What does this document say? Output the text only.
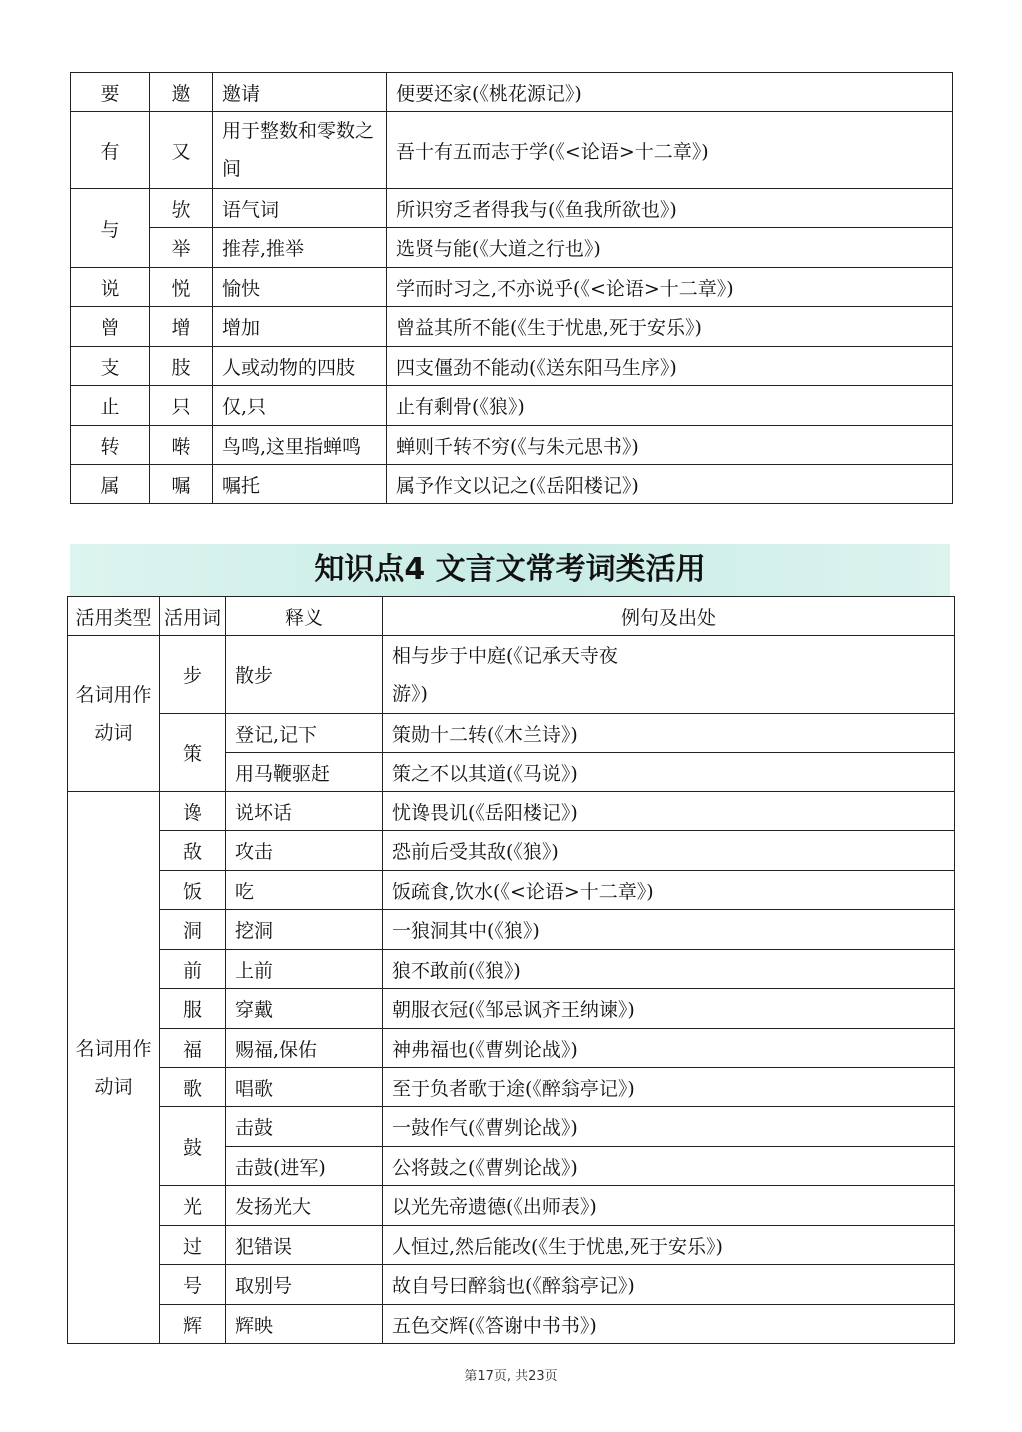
要	邀	邀请	便要还家(《桃花源记》)
有	又	用于整数和零数之间	吾十有五而志于学(《<论语>十二章》)
与	欤	语气词	所识穷乏者得我与(《鱼我所欲也》)
	举	推荐,推举	选贤与能(《大道之行也》)
说	悦	愉快	学而时习之,不亦说乎(《<论语>十二章》)
曾	增	增加	曾益其所不能(《生于忧患,死于安乐》)
支	肢	人或动物的四肢	四支僵劲不能动(《送东阳马生序》)
止	只	仅,只	止有剩骨(《狼》)
转	啭	鸟鸣,这里指蝉鸣	蝉则千转不穷(《与朱元思书》)
属	嘱	嘱托	属予作文以记之(《岳阳楼记》)
知识点4 文言文常考词类活用
活用类型	活用词	释义	例句及出处
名词用作动词	步	散步	相与步于中庭(《记承天寺夜游》)
	策	登记,记下	策勋十二转(《木兰诗》)
		用马鞭驱赶	策之不以其道(《马说》)
名词用作动词	谗	说坏话	忧谗畏讥(《岳阳楼记》)
	敌	攻击	恐前后受其敌(《狼》)
	饭	吃	饭疏食,饮水(《<论语>十二章》)
	洞	挖洞	一狼洞其中(《狼》)
	前	上前	狼不敢前(《狼》)
	服	穿戴	朝服衣冠(《邹忌讽齐王纳谏》)
	福	赐福,保佑	神弗福也(《曹刿论战》)
	歌	唱歌	至于负者歌于途(《醉翁亭记》)
	鼓	击鼓	一鼓作气(《曹刿论战》)
		击鼓(进军)	公将鼓之(《曹刿论战》)
	光	发扬光大	以光先帝遗德(《出师表》)
	过	犯错误	人恒过,然后能改(《生于忧患,死于安乐》)
	号	取别号	故自号曰醉翁也(《醉翁亭记》)
	辉	辉映	五色交辉(《答谢中书书》)
第17页, 共23页
